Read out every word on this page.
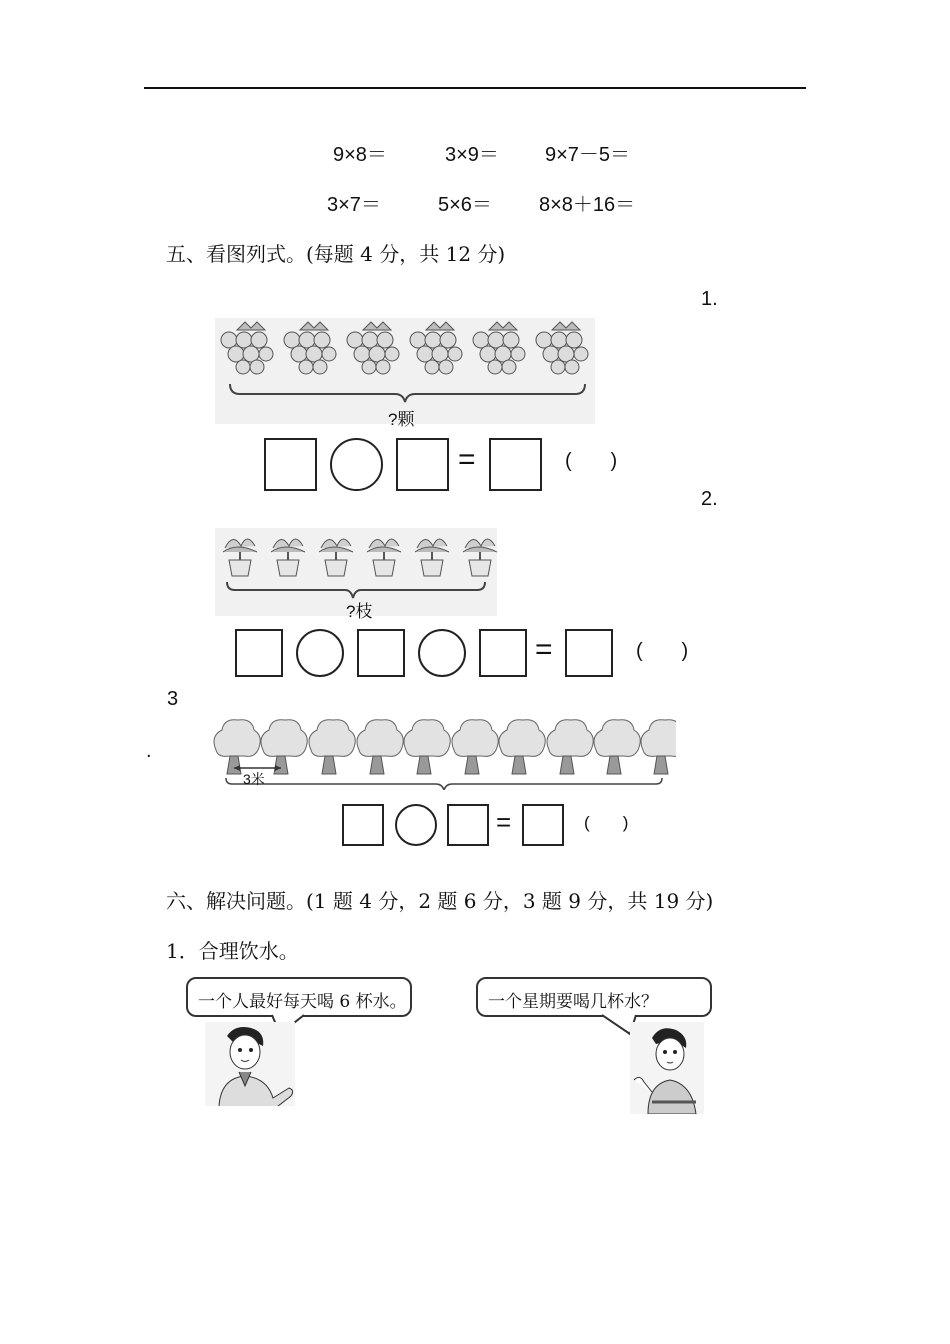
9×8＝	3×9＝ 9×7－5＝
3×7＝	5×6＝ 8×8＋16＝
五、看图列式。(每题 4 分，共 12 分)
1.
?颗
=	(       )
2.
?枝
=	(       )
3
.
3米
=	(       )
六、解决问题。(1 题 4 分，2 题 6 分，3 题 9 分，共 19 分)
1．合理饮水。
一个人最好每天喝 6 杯水。	一个星期要喝几杯水？
